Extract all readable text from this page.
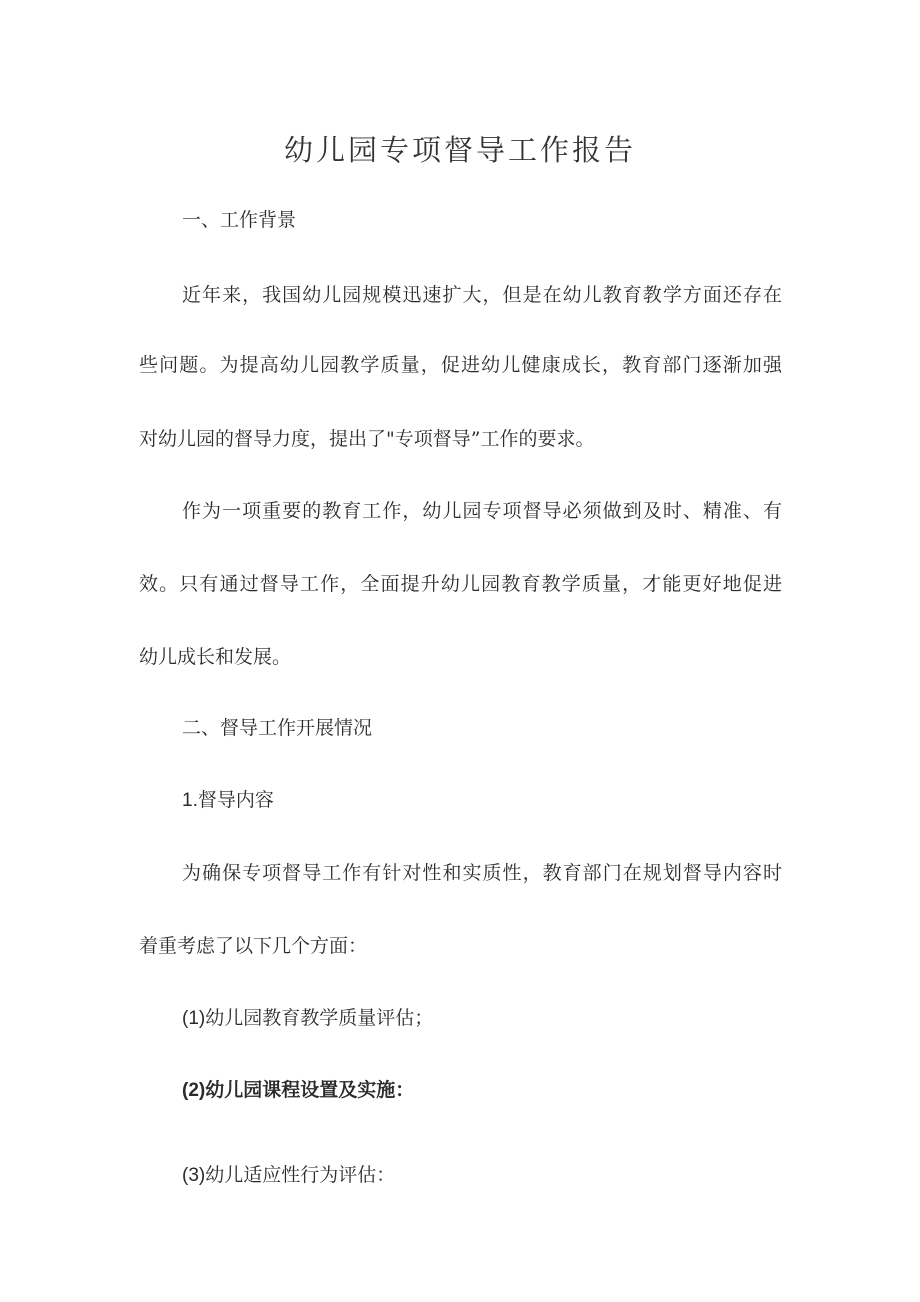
幼儿园专项督导工作报告
一、工作背景
近年来，我国幼儿园规模迅速扩大，但是在幼儿教育教学方面还存在
些问题。为提高幼儿园教学质量，促进幼儿健康成长，教育部门逐渐加强
对幼儿园的督导力度，提出了"专项督导”工作的要求。
作为一项重要的教育工作，幼儿园专项督导必须做到及时、精准、有
效。只有通过督导工作，全面提升幼儿园教育教学质量，才能更好地促进
幼儿成长和发展。
二、督导工作开展情况
1.督导内容
为确保专项督导工作有针对性和实质性，教育部门在规划督导内容时
着重考虑了以下几个方面：
(1)幼儿园教育教学质量评估；
(2)幼儿园课程设置及实施：
(3)幼儿适应性行为评估：
